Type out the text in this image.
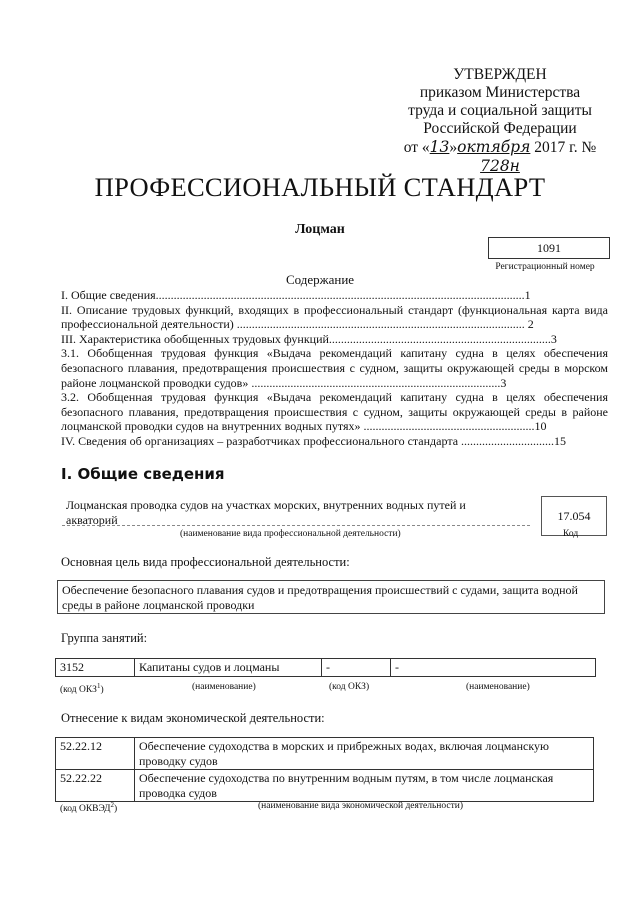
УТВЕРЖДЕН
приказом Министерства
труда и социальной защиты
Российской Федерации
от «13»октября 2017 г. № 728н
ПРОФЕССИОНАЛЬНЫЙ СТАНДАРТ
Лоцман
1091
Регистрационный номер
Содержание

I. Общие сведения...........................................................................................................................1

II. Описание трудовых функций, входящих в профессиональный стандарт (функциональная карта вида профессиональной деятельности) ................................................................................................ 2

III. Характеристика обобщенных трудовых функций..........................................................................3

3.1. Обобщенная трудовая функция «Выдача рекомендаций капитану судна в целях обеспечения безопасного плавания, предотвращения происшествия с судном, защиты окружающей среды в морском районе лоцманской проводки судов» ...................................................................................3

3.2. Обобщенная трудовая функция «Выдача рекомендаций капитану судна в целях обеспечения безопасного плавания, предотвращения происшествия с судном, защиты окружающей среды в районе лоцманской проводки судов на внутренних водных путях» .........................................................10

IV. Сведения об организациях – разработчиках профессионального стандарта ...............................15

I. Общие сведения
Лоцманская проводка судов на участках морских, внутренних водных путей и акваторий	17.054
(наименование вида профессиональной деятельности)	Код
Основная цель вида профессиональной деятельности:
Обеспечение безопасного плавания судов и предотвращения происшествий с судами, защита водной среды в районе лоцманской проводки
Группа занятий:
3152	Капитаны судов и лоцманы	-	-
(код ОКЗ$^1$)	(наименование)	(код ОКЗ)	(наименование)
Отнесение к видам экономической деятельности:
52.22.12	Обеспечение судоходства в морских и прибрежных водах, включая лоцманскую проводку судов
52.22.22	Обеспечение судоходства по внутренним водным путям, в том числе лоцманская проводка судов
(код ОКВЭД$^2$)	(наименование вида экономической деятельности)
